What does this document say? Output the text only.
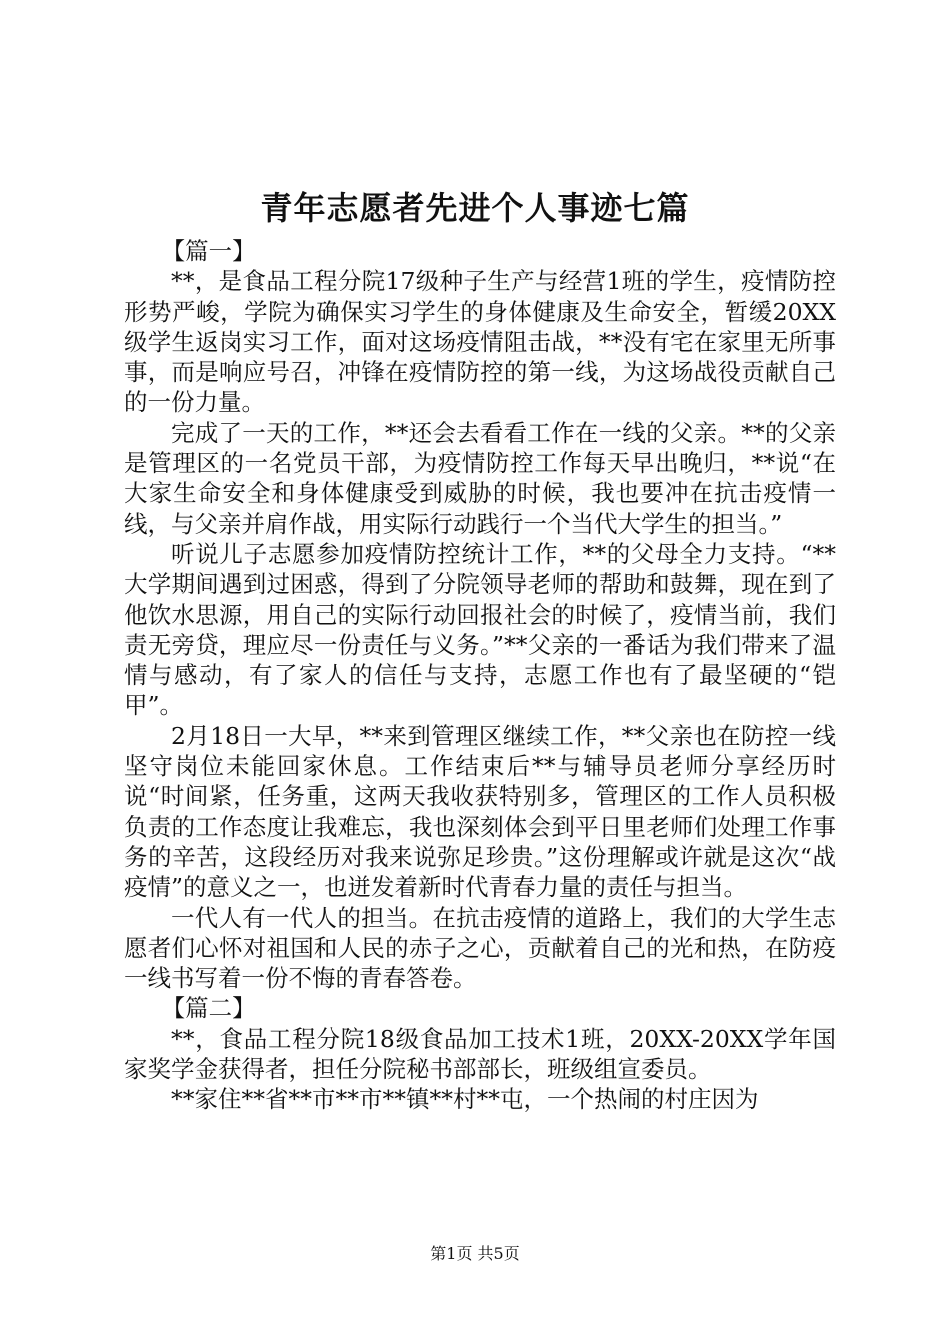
青年志愿者先进个人事迹七篇

【篇一】

**，是食品工程分院17级种子生产与经营1班的学生，疫情防控形势严峻，学院为确保实习学生的身体健康及生命安全，暂缓20XX级学生返岗实习工作，面对这场疫情阻击战，**没有宅在家里无所事事，而是响应号召，冲锋在疫情防控的第一线，为这场战役贡献自己的一份力量。

完成了一天的工作，**还会去看看工作在一线的父亲。**的父亲是管理区的一名党员干部，为疫情防控工作每天早出晚归，**说“在大家生命安全和身体健康受到威胁的时候，我也要冲在抗击疫情一线，与父亲并肩作战，用实际行动践行一个当代大学生的担当。”

听说儿子志愿参加疫情防控统计工作，**的父母全力支持。“**大学期间遇到过困惑，得到了分院领导老师的帮助和鼓舞，现在到了他饮水思源，用自己的实际行动回报社会的时候了，疫情当前，我们责无旁贷，理应尽一份责任与义务。”**父亲的一番话为我们带来了温情与感动，有了家人的信任与支持，志愿工作也有了最坚硬的“铠甲”。

2月18日一大早，**来到管理区继续工作，**父亲也在防控一线坚守岗位未能回家休息。工作结束后**与辅导员老师分享经历时说“时间紧，任务重，这两天我收获特别多，管理区的工作人员积极负责的工作态度让我难忘，我也深刻体会到平日里老师们处理工作事务的辛苦，这段经历对我来说弥足珍贵。”这份理解或许就是这次“战疫情”的意义之一，也迸发着新时代青春力量的责任与担当。

一代人有一代人的担当。在抗击疫情的道路上，我们的大学生志愿者们心怀对祖国和人民的赤子之心，贡献着自己的光和热，在防疫一线书写着一份不悔的青春答卷。

【篇二】

**，食品工程分院18级食品加工技术1班，20XX-20XX学年国家奖学金获得者，担任分院秘书部部长，班级组宣委员。

**家住**省**市**市**镇**村**屯，一个热闹的村庄因为

第1页 共5页
